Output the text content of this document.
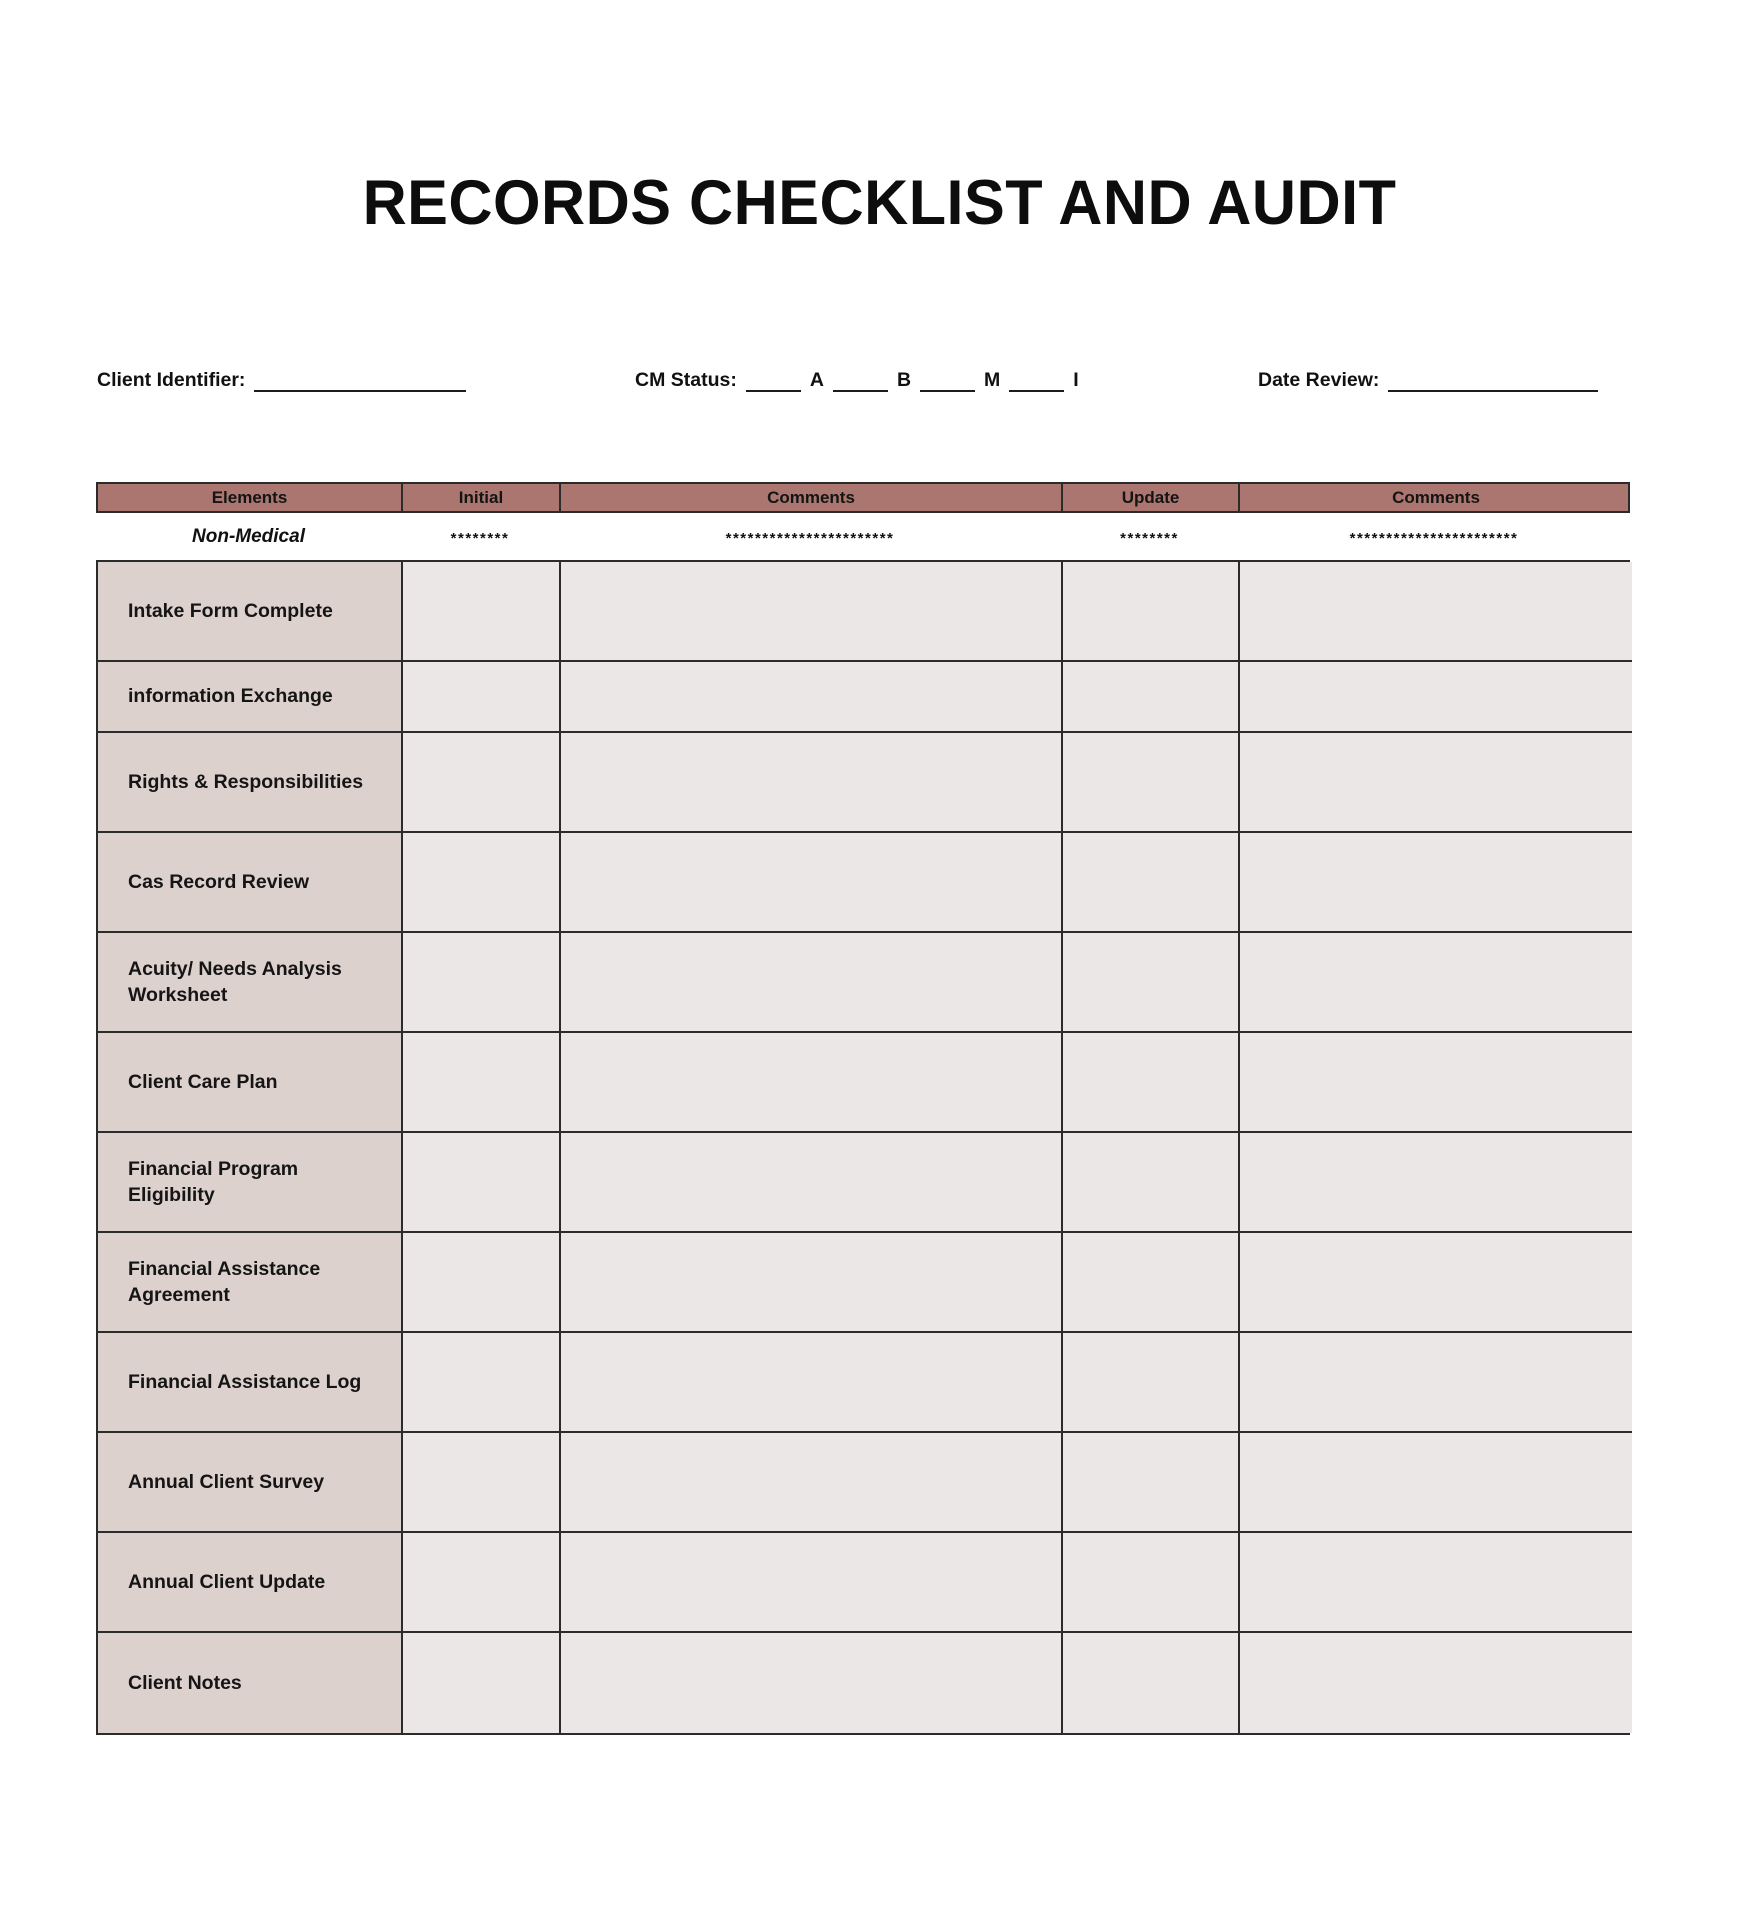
RECORDS CHECKLIST AND AUDIT
Client Identifier:	CM Status:	A	B	M	I	Date Review:
Elements	Initial	Comments	Update	Comments
Non-Medical	********	***********************	********	***********************
Intake Form Complete
information Exchange
Rights & Responsibilities
Cas Record Review
Acuity/ Needs Analysis Worksheet
Client Care Plan
Financial Program Eligibility
Financial Assistance Agreement
Financial Assistance Log
Annual Client Survey
Annual Client Update
Client Notes
